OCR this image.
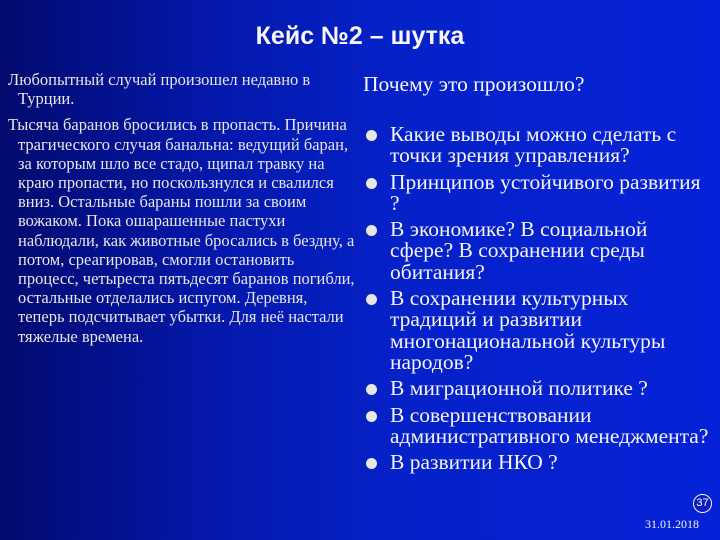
Кейс №2 – шутка

Любопытный случай произошел недавно в Турции.

Тысяча баранов бросились в пропасть. Причина трагического случая банальна: ведущий баран, за которым шло все стадо, щипал травку на краю пропасти, но поскользнулся и свалился вниз. Остальные бараны пошли за своим вожаком. Пока ошарашенные пастухи наблюдали, как животные бросались в бездну, а потом, среагировав, смогли остановить процесс, четыреста пятьдесят баранов погибли, остальные отделались испугом. Деревня, теперь подсчитывает убытки. Для неё настали тяжелые времена.

Почему это произошло?
Какие выводы можно сделать с точки зрения управления?
Принципов устойчивого развития ?
В экономике? В социальной сфере? В сохранении среды обитания?
В сохранении культурных традиций и развитии многонациональной культуры народов?
В миграционной политике ?
В совершенствовании административного менеджмента?
В развитии НКО ?
37
31.01.2018
